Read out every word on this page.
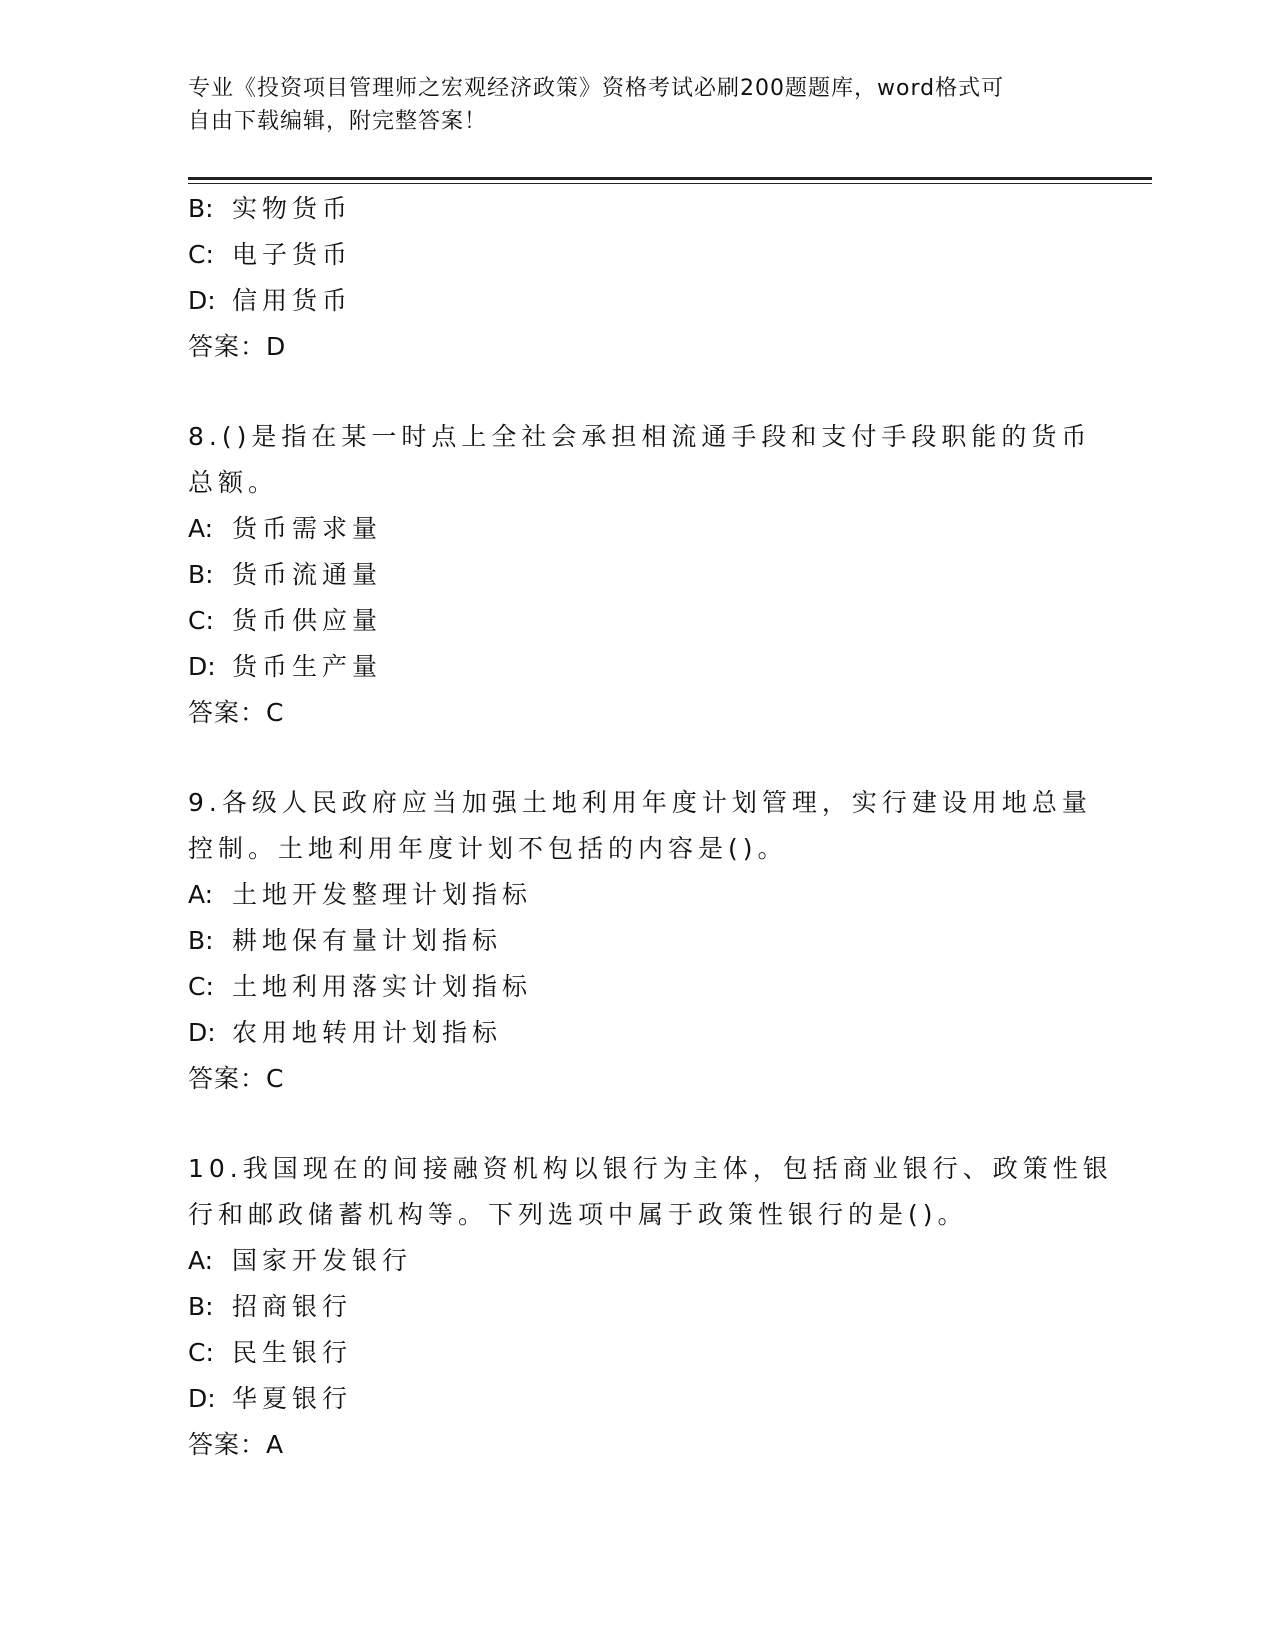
专业《投资项目管理师之宏观经济政策》资格考试必刷200题题库，word格式可
自由下载编辑，附完整答案！
B: 实物货币
C: 电子货币
D: 信用货币
答案：D
8.()是指在某一时点上全社会承担相流通手段和支付手段职能的货币
总额。
A: 货币需求量
B: 货币流通量
C: 货币供应量
D: 货币生产量
答案：C
9.各级人民政府应当加强土地利用年度计划管理，实行建设用地总量
控制。土地利用年度计划不包括的内容是()。
A: 土地开发整理计划指标
B: 耕地保有量计划指标
C: 土地利用落实计划指标
D: 农用地转用计划指标
答案：C
10.我国现在的间接融资机构以银行为主体，包括商业银行、政策性银
行和邮政储蓄机构等。下列选项中属于政策性银行的是()。
A: 国家开发银行
B: 招商银行
C: 民生银行
D: 华夏银行
答案：A
